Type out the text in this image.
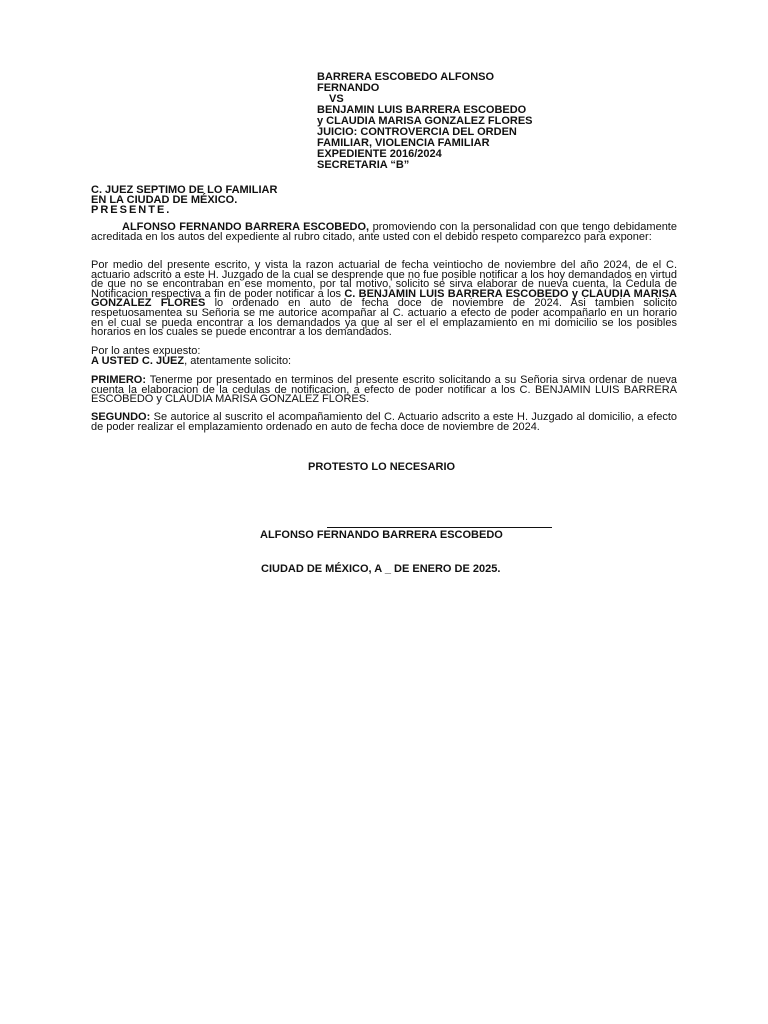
BARRERA ESCOBEDO ALFONSO
FERNANDO
VS
BENJAMIN LUIS BARRERA ESCOBEDO
y CLAUDIA MARISA GONZALEZ FLORES
JUICIO: CONTROVERCIA DEL ORDEN
FAMILIAR, VIOLENCIA FAMILIAR
EXPEDIENTE 2016/2024
SECRETARIA “B”
C. JUEZ SEPTIMO DE LO FAMILIAR
EN LA CIUDAD DE MÉXICO.
PRESENTE.
ALFONSO FERNANDO BARRERA ESCOBEDO, promoviendo con la personalidad con que tengo debidamente acreditada en los autos del expediente al rubro citado, ante usted con el debido respeto comparezco para exponer:
Por medio del presente escrito, y vista la razon actuarial de fecha veintiocho de noviembre del año 2024, de el C. actuario adscrito a este H. Juzgado de la cual se desprende que no fue posible notificar a los hoy demandados en virtud de que no se encontraban en ese momento, por tal motivo, solicito se sirva elaborar de nueva cuenta, la Cedula de Notificacion respectiva a fin de poder notificar a los C. BENJAMIN LUIS BARRERA ESCOBEDO y CLAUDIA MARISA GONZALEZ FLORES lo ordenado en auto de fecha doce de noviembre de 2024. Asi tambien solicito respetuosamentea su Señoria se me autorice acompañar al C. actuario a efecto de poder acompañarlo en un horario en el cual se pueda encontrar a los demandados ya que al ser el el emplazamiento en mi domicilio se los posibles horarios en los cuales se puede encontrar a los demandados.
Por lo antes expuesto:
A USTED C. JUEZ, atentamente solicito:
PRIMERO: Tenerme por presentado en terminos del presente escrito solicitando a su Señoria sirva ordenar de nueva cuenta la elaboracion de la cedulas de notificacion, a efecto de poder notificar a los C. BENJAMIN LUIS BARRERA ESCOBEDO y CLAUDIA MARISA GONZALEZ FLORES.
SEGUNDO: Se autorice al suscrito el acompañamiento del C. Actuario adscrito a este H. Juzgado al domicilio, a efecto de poder realizar el emplazamiento ordenado en auto de fecha doce de noviembre de 2024.
PROTESTO LO NECESARIO
ALFONSO FERNANDO BARRERA ESCOBEDO
CIUDAD DE MÉXICO, A _ DE ENERO DE 2025.
